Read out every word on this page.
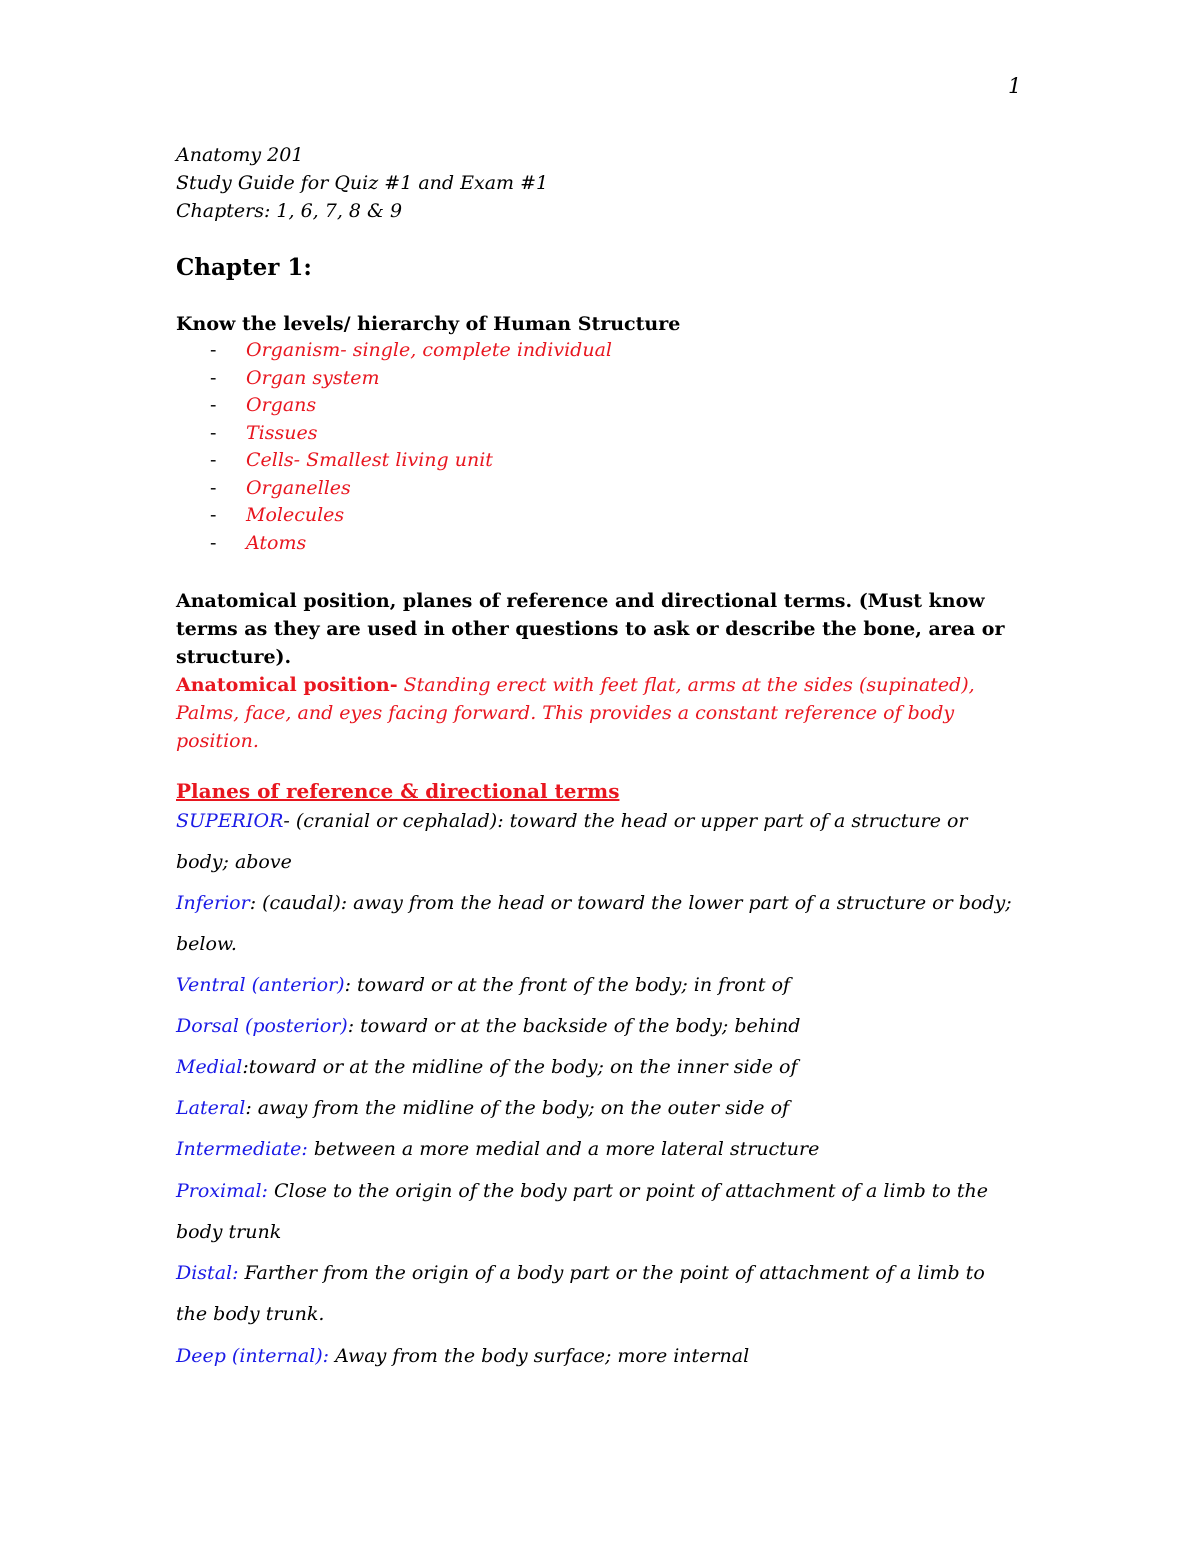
1
Anatomy 201
Study Guide for Quiz #1 and Exam #1
Chapters: 1, 6, 7, 8 & 9
Chapter 1:
Know the levels/ hierarchy of Human Structure
- Organism- single, complete individual
- Organ system
- Organs
- Tissues
- Cells- Smallest living unit
- Organelles
- Molecules
- Atoms
Anatomical position, planes of reference and directional terms. (Must know terms as they are used in other questions to ask or describe the bone, area or structure).
Anatomical position- Standing erect with feet flat, arms at the sides (supinated), Palms, face, and eyes facing forward. This provides a constant reference of body position.
Planes of reference & directional terms
SUPERIOR- (cranial or cephalad): toward the head or upper part of a structure or
body; above
Inferior: (caudal): away from the head or toward the lower part of a structure or body;
below.
Ventral (anterior): toward or at the front of the body; in front of
Dorsal (posterior): toward or at the backside of the body; behind
Medial:toward or at the midline of the body; on the inner side of
Lateral: away from the midline of the body; on the outer side of
Intermediate: between a more medial and a more lateral structure
Proximal: Close to the origin of the body part or point of attachment of a limb to the
body trunk
Distal: Farther from the origin of a body part or the point of attachment of a limb to
the body trunk.
Deep (internal): Away from the body surface; more internal
